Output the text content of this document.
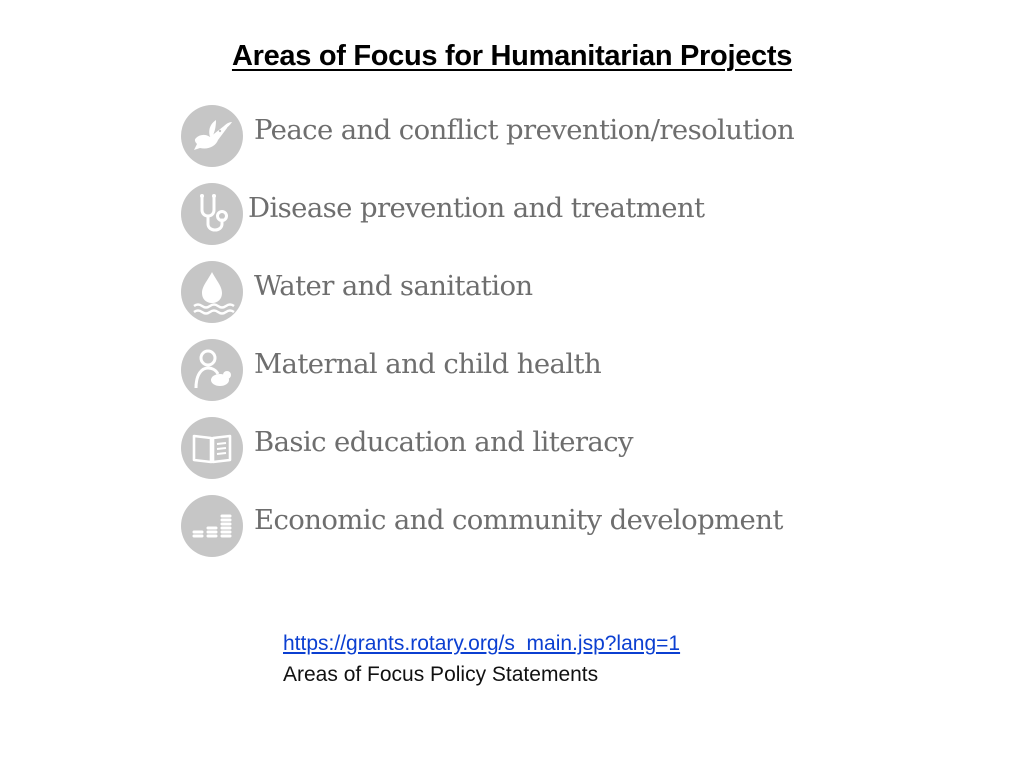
Areas of Focus for Humanitarian Projects
Peace and conflict prevention/resolution
Disease prevention and treatment
Water and sanitation
Maternal and child health
Basic education and literacy
Economic and community development
https://grants.rotary.org/s_main.jsp?lang=1
Areas of Focus Policy Statements
